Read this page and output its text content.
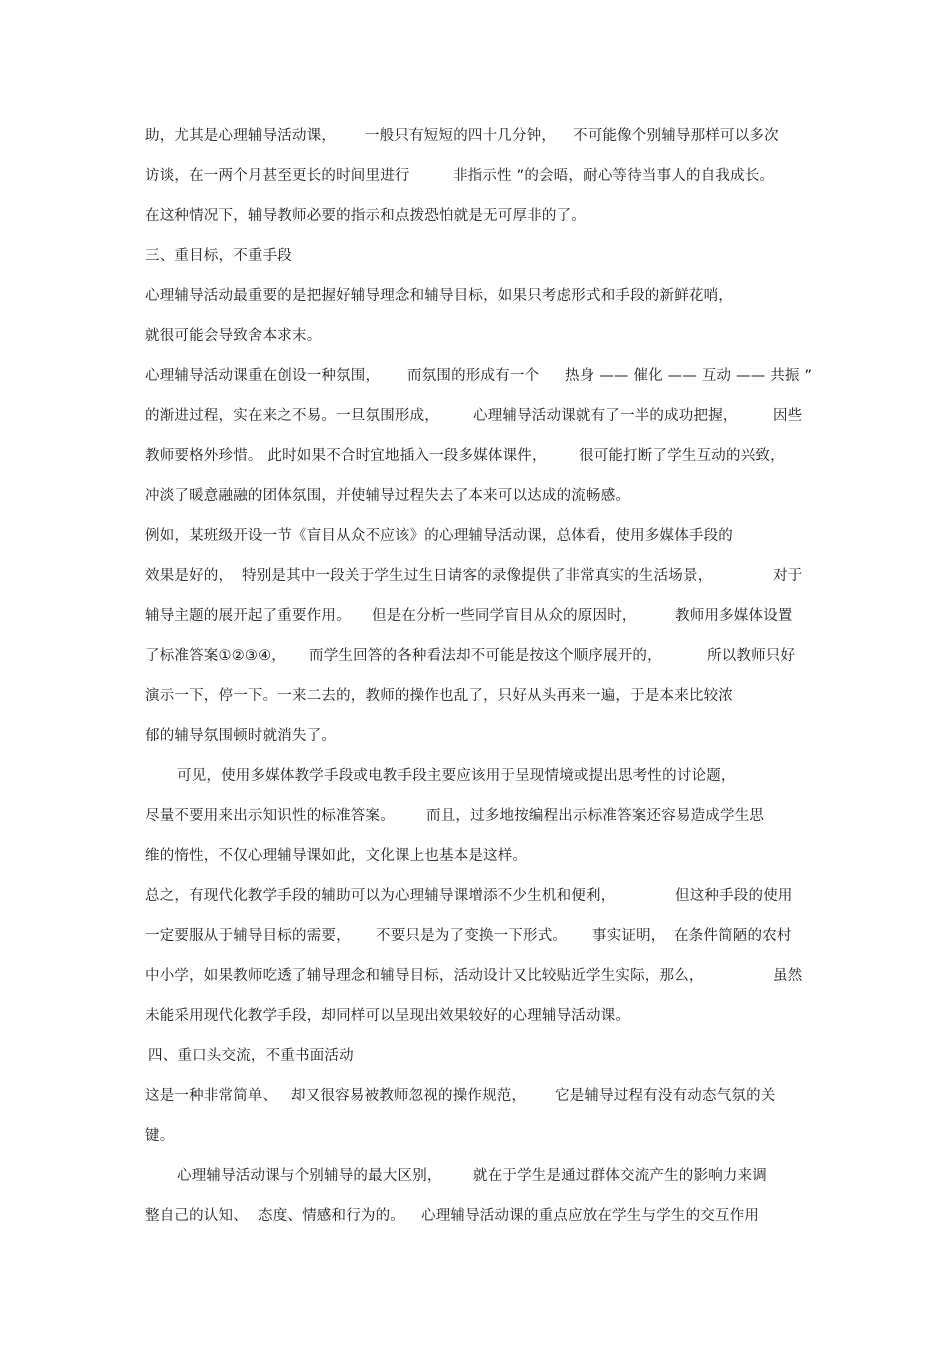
助，尤其是心理辅导活动课， 一般只有短短的四十几分钟， 不可能像个别辅导那样可以多次
访谈，在一两个月甚至更长的时间里进行	非指示性 ”的会晤，耐心等待当事人的自我成长。
在这种情况下，辅导教师必要的指示和点拨恐怕就是无可厚非的了。
三、重目标，不重手段
心理辅导活动最重要的是把握好辅导理念和辅导目标，如果只考虑形式和手段的新鲜花哨，
就很可能会导致舍本求末。
心理辅导活动课重在创设一种氛围， 而氛围的形成有一个 热身 —— 催化 —— 互动 —— 共振 ”
的渐进过程，实在来之不易。一旦氛围形成， 心理辅导活动课就有了一半的成功把握， 因些
教师要格外珍惜。 此时如果不合时宜地插入一段多媒体课件， 很可能打断了学生互动的兴致，
冲淡了暖意融融的团体氛围，并使辅导过程失去了本来可以达成的流畅感。
例如，某班级开设一节《盲目从众不应该》的心理辅导活动课，总体看，使用多媒体手段的
效果是好的， 特别是其中一段关于学生过生日请客的录像提供了非常真实的生活场景，	对于
辅导主题的展开起了重要作用。 但是在分析一些同学盲目从众的原因时，	教师用多媒体设置
了标准答案①②③④， 而学生回答的各种看法却不可能是按这个顺序展开的，	所以教师只好
演示一下，停一下。一来二去的，教师的操作也乱了，只好从头再来一遍，于是本来比较浓
郁的辅导氛围顿时就消失了。
可见，使用多媒体教学手段或电教手段主要应该用于呈现情境或提出思考性的讨论题，
尽量不要用来出示知识性的标准答案。 而且，过多地按编程出示标准答案还容易造成学生思
维的惰性，不仅心理辅导课如此，文化课上也基本是这样。
总之，有现代化教学手段的辅助可以为心理辅导课增添不少生机和便利，	但这种手段的使用
一定要服从于辅导目标的需要， 不要只是为了变换一下形式。 事实证明， 在条件简陋的农村
中小学，如果教师吃透了辅导理念和辅导目标，活动设计又比较贴近学生实际，那么，	虽然
未能采用现代化教学手段，却同样可以呈现出效果较好的心理辅导活动课。
四、重口头交流，不重书面活动
这是一种非常简单、 却又很容易被教师忽视的操作规范， 它是辅导过程有没有动态气氛的关
键。
心理辅导活动课与个别辅导的最大区别， 就在于学生是通过群体交流产生的影响力来调
整自己的认知、 态度、情感和行为的。 心理辅导活动课的重点应放在学生与学生的交互作用
